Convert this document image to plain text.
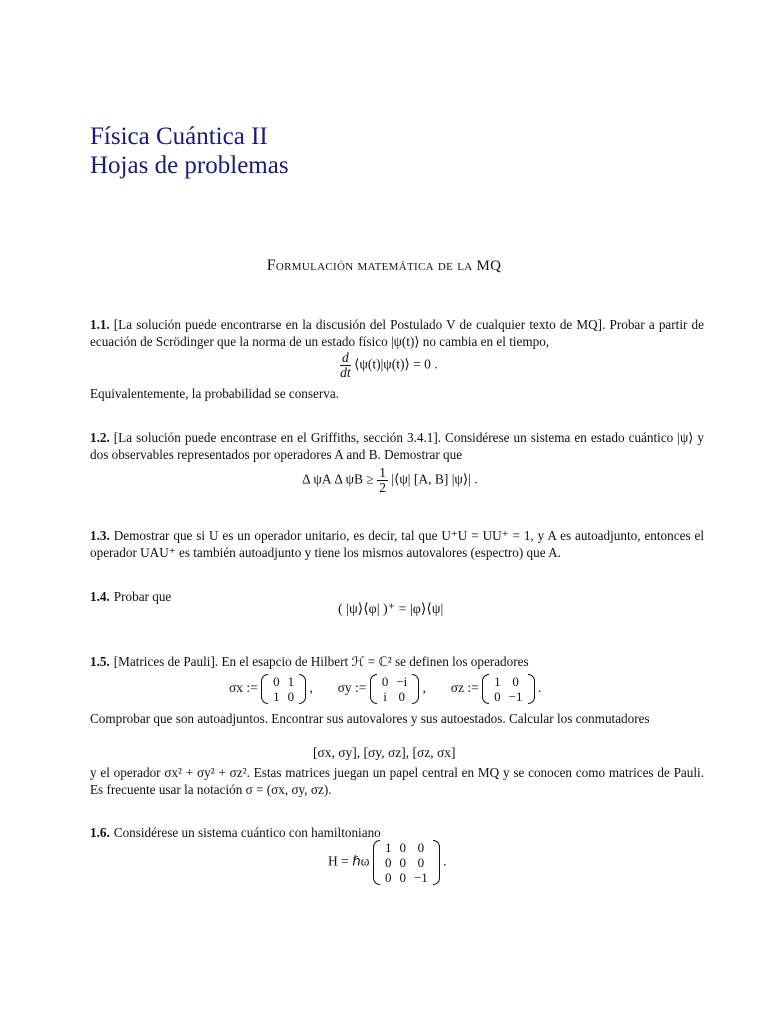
Física Cuántica II
Hojas de problemas
Formulación matemática de la MQ
1.1. [La solución puede encontrarse en la discusión del Postulado V de cualquier texto de MQ]. Probar a partir de ecuación de Scrödinger que la norma de un estado físico |ψ(t)⟩ no cambia en el tiempo,
$\frac{d}{dt}$ ⟨ψ(t)|ψ(t)⟩ = 0 .
Equivalentemente, la probabilidad se conserva.
1.2. [La solución puede encontrase en el Griffiths, sección 3.4.1]. Considérese un sistema en estado cuántico |ψ⟩ y dos observables representados por operadores A and B. Demostrar que
Δ ψA Δ $\psi B \ge \frac{1}{2}$ |⟨ψ| [A, B] |ψ⟩| .
1.3. Demostrar que si U es un operador unitario, es decir, tal que U⁺U = UU⁺ = 1, y A es autoadjunto, entonces el operador UAU⁺ es también autoadjunto y tiene los mismos autovalores (espectro) que A.
1.4. Probar que
( |ψ⟩⟨φ| )⁺ = |φ⟩⟨ψ|
1.5. [Matrices de Pauli]. En el esapcio de Hilbert ℋ = ℂ² se definen los operadores
σx := 0	1
1	0
,  σy := 0	−i
i	0
,  σz := 1	0
0	−1
.
Comprobar que son autoadjuntos. Encontrar sus autovalores y sus autoestados. Calcular los conmutadores
[σx, σy], [σy, σz], [σz, σx]
y el operador σx² + σy² + σz². Estas matrices juegan un papel central en MQ y se conocen como matrices de Pauli. Es frecuente usar la notación σ = (σx, σy, σz).
1.6. Considérese un sistema cuántico con hamiltoniano
H = ℏω
1	0	0
0	0	0
0	0	−1
.
